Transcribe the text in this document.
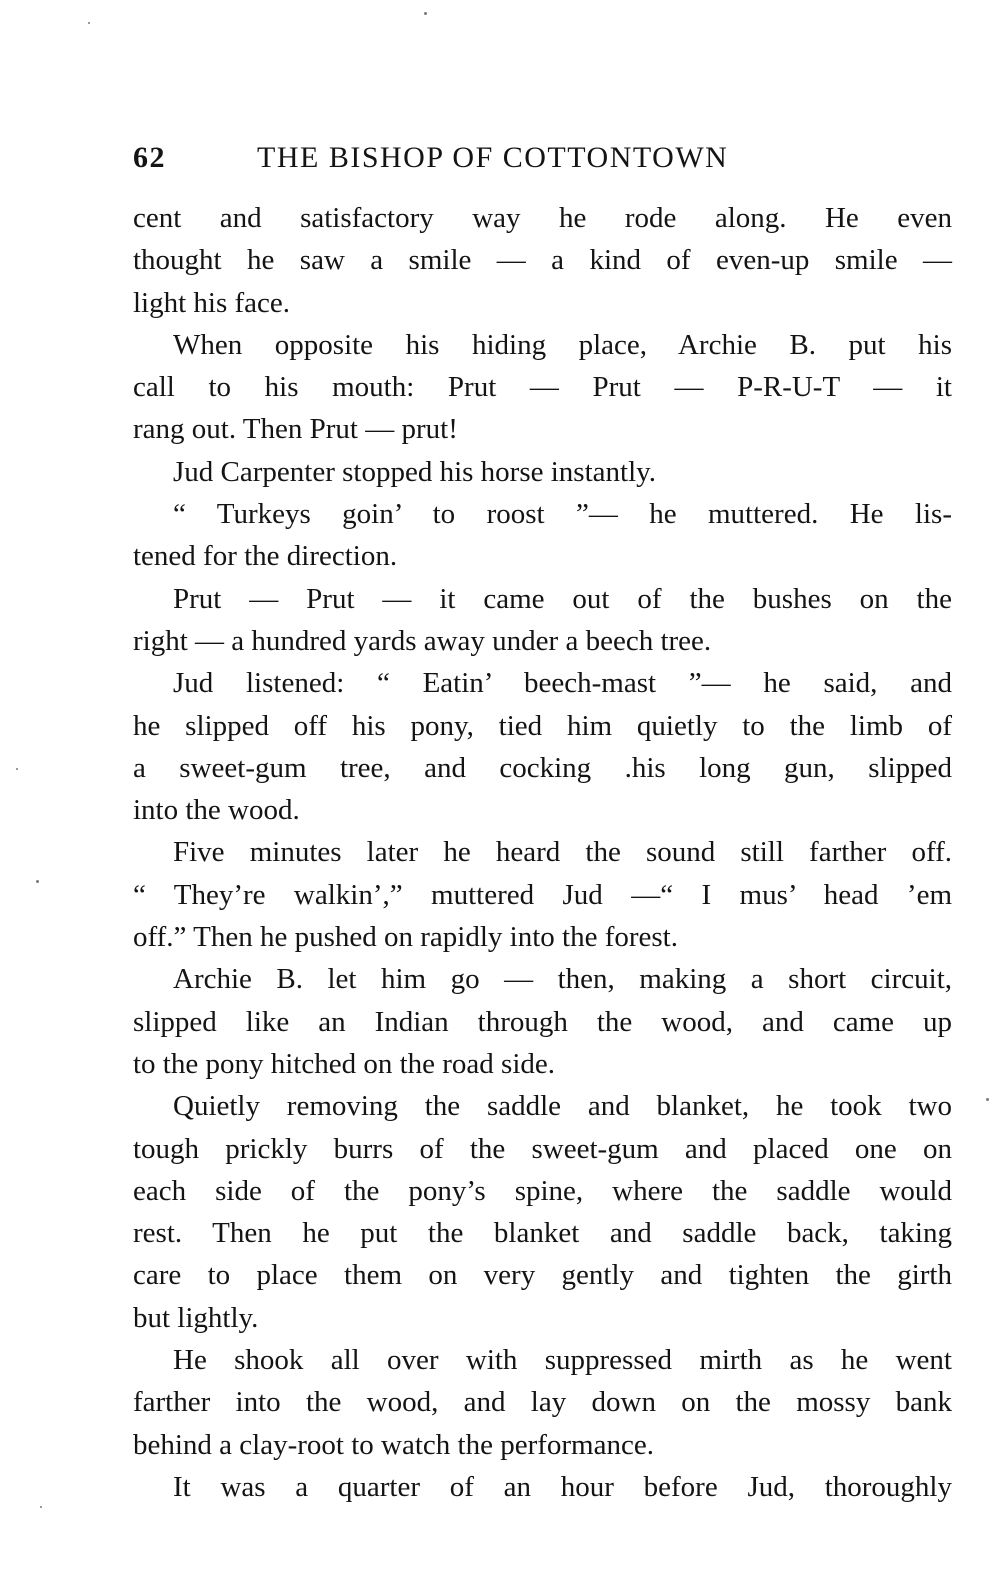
62	THE BISHOP OF COTTONTOWN
cent and satisfactory way he rode along. He even
thought he saw a smile — a kind of even-up smile —
light his face.
When opposite his hiding place, Archie B. put his
call to his mouth: Prut — Prut — P-R-U-T — it
rang out. Then Prut — prut!
Jud Carpenter stopped his horse instantly.
“ Turkeys goin’ to roost ”— he muttered. He lis-
tened for the direction.
Prut — Prut — it came out of the bushes on the
right — a hundred yards away under a beech tree.
Jud listened: “ Eatin’ beech-mast ”— he said, and
he slipped off his pony, tied him quietly to the limb of
a sweet-gum tree, and cocking .his long gun, slipped
into the wood.
Five minutes later he heard the sound still farther off.
“ They’re walkin’,” muttered Jud —“ I mus’ head ’em
off.” Then he pushed on rapidly into the forest.
Archie B. let him go — then, making a short circuit,
slipped like an Indian through the wood, and came up
to the pony hitched on the road side.
Quietly removing the saddle and blanket, he took two
tough prickly burrs of the sweet-gum and placed one on
each side of the pony’s spine, where the saddle would
rest. Then he put the blanket and saddle back, taking
care to place them on very gently and tighten the girth
but lightly.
He shook all over with suppressed mirth as he went
farther into the wood, and lay down on the mossy bank
behind a clay-root to watch the performance.
It was a quarter of an hour before Jud, thoroughly
